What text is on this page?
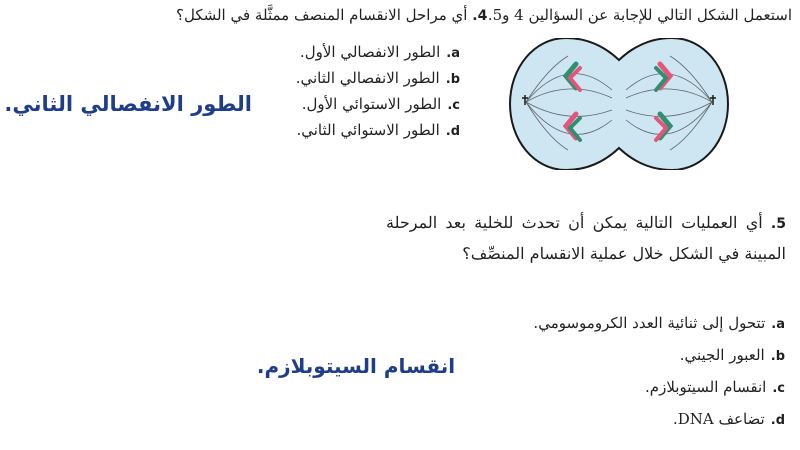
استعمل الشكل التالي للإجابة عن السؤالين 4 و5.
4. أي مراحل الانقسام المنصف ممثَّلة في الشكل؟
a.الطور الانفصالي الأول.
b.الطور الانفصالي الثاني.
c.الطور الاستوائي الأول.
d.الطور الاستوائي الثاني.
الطور الانفصالي الثاني.
5. أي العمليات التالية يمكن أن تحدث للخلية بعد المرحلة المبينة في الشكل خلال عملية الانقسام المنصِّف؟
a.تتحول إلى ثنائية العدد الكروموسومي.
b.العبور الجيني.
c.انقسام السيتوبلازم.
d.تضاعف DNA.
انقسام السيتوبلازم.
